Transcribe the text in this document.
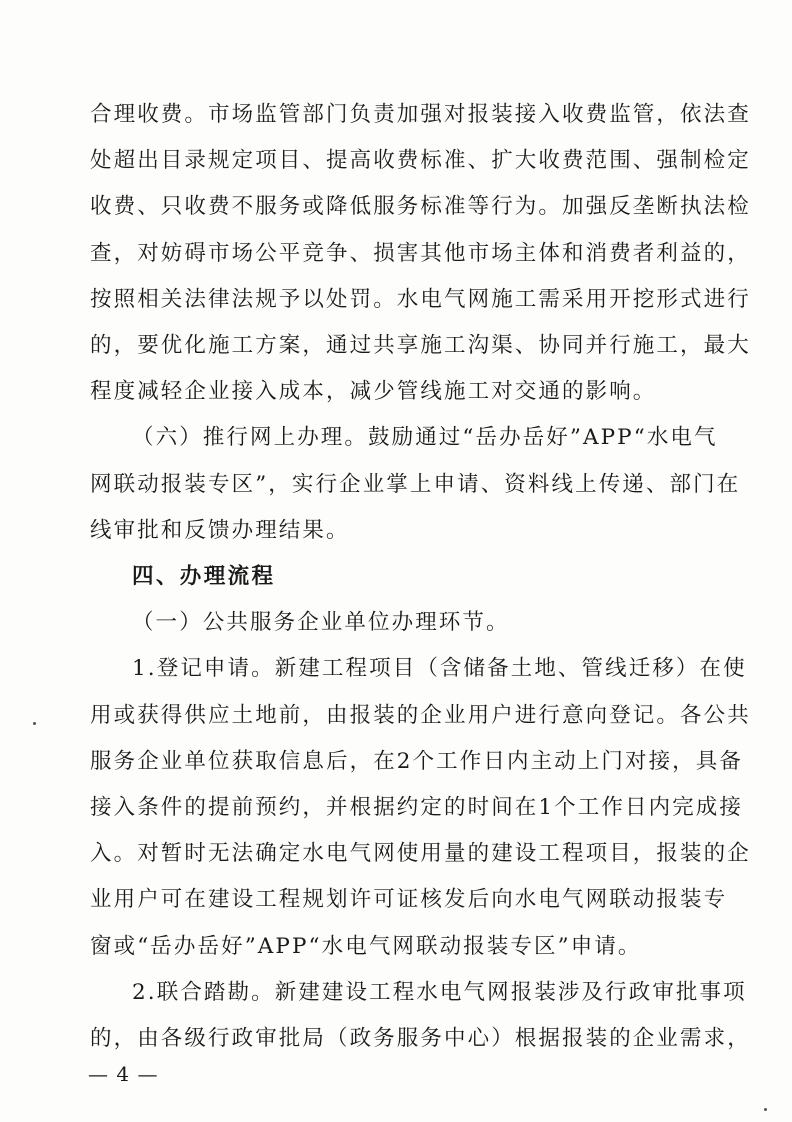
合理收费。市场监管部门负责加强对报装接入收费监管，依法查
处超出目录规定项目、提高收费标准、扩大收费范围、强制检定
收费、只收费不服务或降低服务标准等行为。加强反垄断执法检
查，对妨碍市场公平竞争、损害其他市场主体和消费者利益的，
按照相关法律法规予以处罚。水电气网施工需采用开挖形式进行
的，要优化施工方案，通过共享施工沟渠、协同并行施工，最大
程度减轻企业接入成本，减少管线施工对交通的影响。
（六）推行网上办理。鼓励通过“岳办岳好”APP“水电气
网联动报装专区”，实行企业掌上申请、资料线上传递、部门在
线审批和反馈办理结果。
四、办理流程
（一）公共服务企业单位办理环节。
1.登记申请。新建工程项目（含储备土地、管线迁移）在使
用或获得供应土地前，由报装的企业用户进行意向登记。各公共
服务企业单位获取信息后，在2个工作日内主动上门对接，具备
接入条件的提前预约，并根据约定的时间在1个工作日内完成接
入。对暂时无法确定水电气网使用量的建设工程项目，报装的企
业用户可在建设工程规划许可证核发后向水电气网联动报装专
窗或“岳办岳好”APP“水电气网联动报装专区”申请。
2.联合踏勘。新建建设工程水电气网报装涉及行政审批事项
的，由各级行政审批局（政务服务中心）根据报装的企业需求，
— 4 —
